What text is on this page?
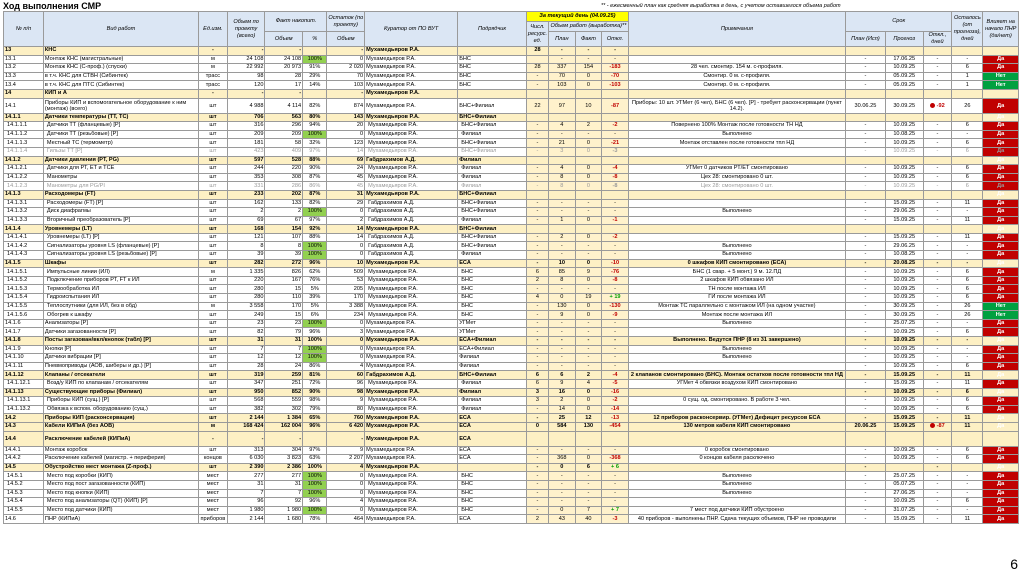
Ход выполнения СМР	** - ежесменный план как средняя выработка в день, с учетом оставшегося объема работ
№ п/п	Вид работ	Ед.изм.	Объем по проекту (всего)	Факт накопит.		Остаток (по проекту)	Куратор от ПО ВУТ	Подрядчик	За текущий день (04.09.25)				Примечания	Срок			Осталось (от прогноза), дней	Влияет на начало ПНР (да/нет)
									Числ. ресурс. ед.	Объем работ (выработка)**								
				Объем	%	Объем				План	Факт	Откл.		План (Исп)	Прогноз	Откл., дней		
13	КНС	-	-	-		-	Мухамедьяров Р.А.		28	-	-	-						
13.1	Монтаж КНС (магистральные)	м	24 108	24 108	100%	0	Мухамедьяров Р.А.	БНС		-	-	-		-	17.06.25	-	-	Да
13.2	Монтаж КНС (С-проф.) (спуски)	м	22 992	20 973	91%	2 020	Мухамедьяров Р.А.	БНС	28	337	154	-183	28 чел. смонтир. 154 м. с-профиля.	-	10.09.25	-	6	Да
13.3	в т.ч. КНС для СТВН (Сибинтек)	трасс	98	28	29%	70	Мухамедьяров Р.А.	БНС	-	70	0	-70	Смонтир. 0 м. с-профиля.	-	05.09.25	-	1	Нет
13.4	в т.ч. КНС для ПТС (Сибинтек)	трасс	120	17	14%	103	Мухамедьяров Р.А.	БНС	-	103	0	-103	Смонтир. 0 м. с-профиля.	-	05.09.25	-	1	Нет
14	КИП и А	-	-	-		-	Мухамедьяров Р.А.											
14.1	Приборы КИП и вспомогательное оборудование к ним (монтаж) (всего)	шт	4 988	4 114	82%	874	Мухамедьяров Р.А.	БНС+Филиал	22	97	10	-87	Приборы: 10 шт. УГМет (6 чел), БНС (6 чел). [Р] - требует расконсервации (пункт 14.2).	30.06.25	30.09.25	-92	26	Да
14.1.1	Датчики температуры (ТТ, ТС)	шт	706	563	80%	143	Мухамедьяров Р.А.	БНС+Филиал										Да
14.1.1.1	Датчики ТТ (фланцевые) [Р]	шт	316	296	94%	20	Мухамедьяров Р.А.	БНС+Филиал	-	4	2	-2	Повернено 100% Монтаж после готовности ТН НД	-	10.09.25	-	6	Да
14.1.1.2	Датчики ТТ (резьбовые) [Р]	шт	209	209	100%	0	Мухамедьяров Р.А.	Филиал	-	-	-	-	Выполнено	-	10.08.25	-	-	Да
14.1.1.3	Местный ТС (термометр)	шт	181	58	32%	123	Мухамедьяров Р.А.	БНС+Филиал	-	21	0	-21	Монтаж отставлен после готовности тпл НД	-	10.09.25	-	6	Да
14.1.1.4	Гильзы ТТ [Р]	шт	423	409	97%	14	Мухамедьяров Р.А.	БНС+Филиал	-	3	0	-3		-	10.09.25	-	6	Да
14.1.2	Датчики давления (РТ, PG)	шт	597	528	88%	69	Габдрахимов А.Д.	Филиал										Да
14.1.2.1	Датчики для РТ, ET и ТСЕ	шт	244	220	90%	24	Мухамедьяров Р.А.	Филиал	-	4	0	-4	УГМет 0 датчиков РТ/ЕТ смонтировано	-	10.09.25	-	6	Да
14.1.2.2	Манометры	шт	353	308	87%	45	Мухамедьяров Р.А.	Филиал	-	8	0	-8	Цех 28: смонтировано 0 шт.	-	10.09.25	-	6	Да
14.1.2.3	Манометры для PG/PI	шт	331	286	86%	45	Мухамедьяров Р.А.	Филиал	-	8	0	-8	Цех 28: смонтировано 0 шт.	-	10.09.25	-	6	Да
14.1.3	Расходомеры (FT)	шт	233	202	87%	31	Мухамедьяров Р.А.	БНС+Филиал										Да
14.1.3.1	Расходомеры (FT) [Р]	шт	162	133	82%	29	Габдрахимов А.Д.	БНС+Филиал	-	-	-	-		-	15.09.25	-	11	Да
14.1.3.2	Диск диафрагмы	шт	2	2	100%	0	Габдрахимов А.Д.	БНС+Филиал	-	-	-	-	Выполнено	-	29.06.25	-	-	Да
14.1.3.3	Вторичный преобразователь [Р]	шт	69	67	97%	2	Габдрахимов А.Д.	Филиал	-	1	0	-1		-	15.09.25	-	11	Да
14.1.4	Уровнемеры (LT)	шт	168	154	92%	14	Мухамедьяров Р.А.	БНС+Филиал										Да
14.1.4.1	Уровнемеры (LT) [Р]	шт	121	107	88%	14	Габдрахимов А.Д.	БНС+Филиал	-	2	0	-2		-	15.09.25	-	11	Да
14.1.4.2	Сигнализаторы уровня LS (фланцевые) [Р]	шт	8	8	100%	0	Габдрахимов А.Д.	БНС+Филиал	-	-	-	-	Выполнено	-	29.06.25	-	-	Да
14.1.4.3	Сигнализаторы уровня LS (резьбовые) [Р]	шт	39	39	100%	0	Габдрахимов А.Д.	Филиал	-	-	-	-	Выполнено	-	10.08.25	-	-	Да
14.1.5	Шкафы	шт	282	272	96%	10	Мухамедьяров Р.А.	ЕСА	-	10	0	-10	0 шкафов КИП смонтировано (ЕСА)	-	20.08.25	-	-	Да
14.1.5.1	Импульсные линии (ИЛ)	м	1 335	826	62%	509	Мухамедьяров Р.А.	БНС	6	85	9	-76	БНС (1 свар. + 5 монт.) 9 м. 12.ПД	-	10.09.25	-	6	Да
14.1.5.2	Подключение приборов РТ, FT к ИЛ	шт	220	167	76%	53	Мухамедьяров Р.А.	БНС	2	8	0	-8	2 шкафов КИП обвязано ИЛ	-	10.09.25	-	6	Да
14.1.5.3	Термообработка ИЛ	шт	280	15	5%	205	Мухамедьяров Р.А.	БНС	-	-	-	-	ТН после монтажа ИЛ	-	10.09.25	-	6	Да
14.1.5.4	Гидроиспытания ИЛ	шт	280	110	39%	170	Мухамедьяров Р.А.	БНС	4	0	19	+ 19	ГИ после монтажа ИЛ	-	10.09.25	-	6	Да
14.1.5.5	Теплоспутники (для ИЛ, без в обд)	м	3 558	170	5%	3 388	Мухамедьяров Р.А.	БНС	-	130	0	-130	Монтаж ТС параллельно с монтажом ИЛ (на одном участке)	-	30.09.25	-	26	Нет
14.1.5.6	Обогрев к шкафу	шт	249	15	6%	234	Мухамедьяров Р.А.	БНС	-	9	0	-9	Монтаж после монтажа ИЛ	-	30.09.25	-	26	Нет
14.1.6	Анализаторы [Р]	шт	23	23	100%	0	Мухамедьяров Р.А.	УГМет	-	-	-	-	Выполнено	-	25.07.25	-	-	Да
14.1.7	Датчики загазованности [Р]	шт	82	79	96%	3	Мухамедьяров Р.А.	УГМет	-	-	-	-		-	10.09.25	-	6	Да
14.1.8	Посты загазован/вкл/кнопок (табл) [Р]	шт	31	31	100%	0	Мухамедьяров Р.А.	ЕСА+Филиал	-	-	-	-	Выполнено. Ведутся ПНР (8 из 31 завершено)	-	10.09.25	-	-	Да
14.1.9	Кнопки [Р]	шт	7	7	100%	0	Мухамедьяров Р.А.	ЕСА+Филиал	-	-	-	-	Выполнено	-	10.09.25	-	-	Да
14.1.10	Датчики вибрации [Р]	шт	12	12	100%	0	Мухамедьяров Р.А.	Филиал	-	-	-	-	Выполнено	-	10.09.25	-	-	Да
14.1.11	Пневмоприводы (АОВ, шиберы и др.) [Р]	шт	28	24	86%	4	Мухамедьяров Р.А.	Филиал	-	-	-	-		-	10.09.25	-	6	Да
14.1.12	Клапаны / отсекатели	шт	319	259	81%	60	Габдрахимов А.Д.	БНС+Филиал	6	6	2	-4	2 клапанов смонтировано (БНС). Монтаж остатков после готовности тпл НД	-	15.09.25	-	11	Да
14.1.12.1	Возд/у КИП по клапанам / отсекателям	шт	347	251	72%	96	Мухамедьяров Р.А.	Филиал	6	9	4	-5	УГМет 4 обвязки воздухом КИП смонтировано	-	15.09.25	-	11	Да
14.1.13	Существующие приборы (Филиал)	шт	950	852	90%	98	Мухамедьяров Р.А.	Филиал	3	16	0	-16		-	10.09.25	-	6	Да
14.1.13.1	Приборы КИП (сущ.) [Р]	шт	568	559	98%	9	Мухамедьяров Р.А.	Филиал	3	2	0	-2	0 сущ. од. смонтировано. В работе 3 чел.	-	10.09.25	-	6	Да
14.1.13.2	Обвязка к вспом. оборудованию (сущ.)	шт	382	302	79%	80	Мухамедьяров Р.А.	Филиал	-	14	0	-14		-	10.09.25	-	6	Да
14.2	Приборы КИП (расконсервация)	шт	2 144	1 384	65%	760	Мухамедьяров Р.А.	ЕСА	-	25	12	-13	12 приборов расконсервир. (УГМет) Дефицит ресурсов ЕСА	-	15.09.25	-	11	Да
14.3	Кабели КИПиА (без АОВ)	м	168 424	162 004	96%	6 420	Мухамедьяров Р.А.	ЕСА	0	584	130	-454	130 метров кабеля КИП смонтировано	20.06.25	15.09.25	-87	11	Да
14.4	Расключение кабелей (КИПиА)	-	-	-		-	Мухамедьяров Р.А.	ЕСА										
14.4.1	Монтаж коробок	шт	313	304	97%	9	Мухамедьяров Р.А.	ЕСА	-	-	-	-	0 коробок смонтировано	-	10.09.25	-	6	Да
14.4.2	Расключение кабелей (магистр. + периферия)	концов	6 030	3 823	63%	2 207	Мухамедьяров Р.А.	ЕСА	-	368	0	-368	0 концов кабеля расключено	-	10.09.25	-	6	Да
14.5	Обустройство мест монтажа (Z-проф.)	шт	2 390	2 386	100%	4	Мухамедьяров Р.А.		-	0	6	+ 6		-		-		Да
14.5.1	Место под коробки (КИП)	мест	277	277	100%	0	Мухамедьяров Р.А.	БНС	-	-	-	-	Выполнено	-	25.07.25	-	-	Да
14.5.2	Место под пост загазованности (КИП)	мест	31	31	100%	0	Мухамедьяров Р.А.	БНС	-	-	-	-	Выполнено	-	05.07.25	-	-	Да
14.5.3	Место под кнопки (КИП)	мест	7	7	100%	0	Мухамедьяров Р.А.	БНС	-	-	-	-	Выполнено	-	27.06.25	-	-	Да
14.5.4	Место под анализаторы (QT) (КИП) [Р]	мест	96	92	96%	4	Мухамедьяров Р.А.	БНС	-	-	-	-		-	10.09.25	-	6	Да
14.5.5	Место под датчики (КИП)	мест	1 980	1 980	100%	0	Мухамедьяров Р.А.	БНС	-	0	7	+ 7	7 мест под датчики КИП обустроено	-	31.07.25	-	-	Да
14.6	ПНР (КИПиА)	приборов	2 144	1 680	78%	464	Мухамедьяров Р.А.	ЕСА	2	43	40	-3	40 приборов - выполнены ПНР. Сдача текущих объемов, ПНР не проводили	-	15.09.25	-	11	Да
6
